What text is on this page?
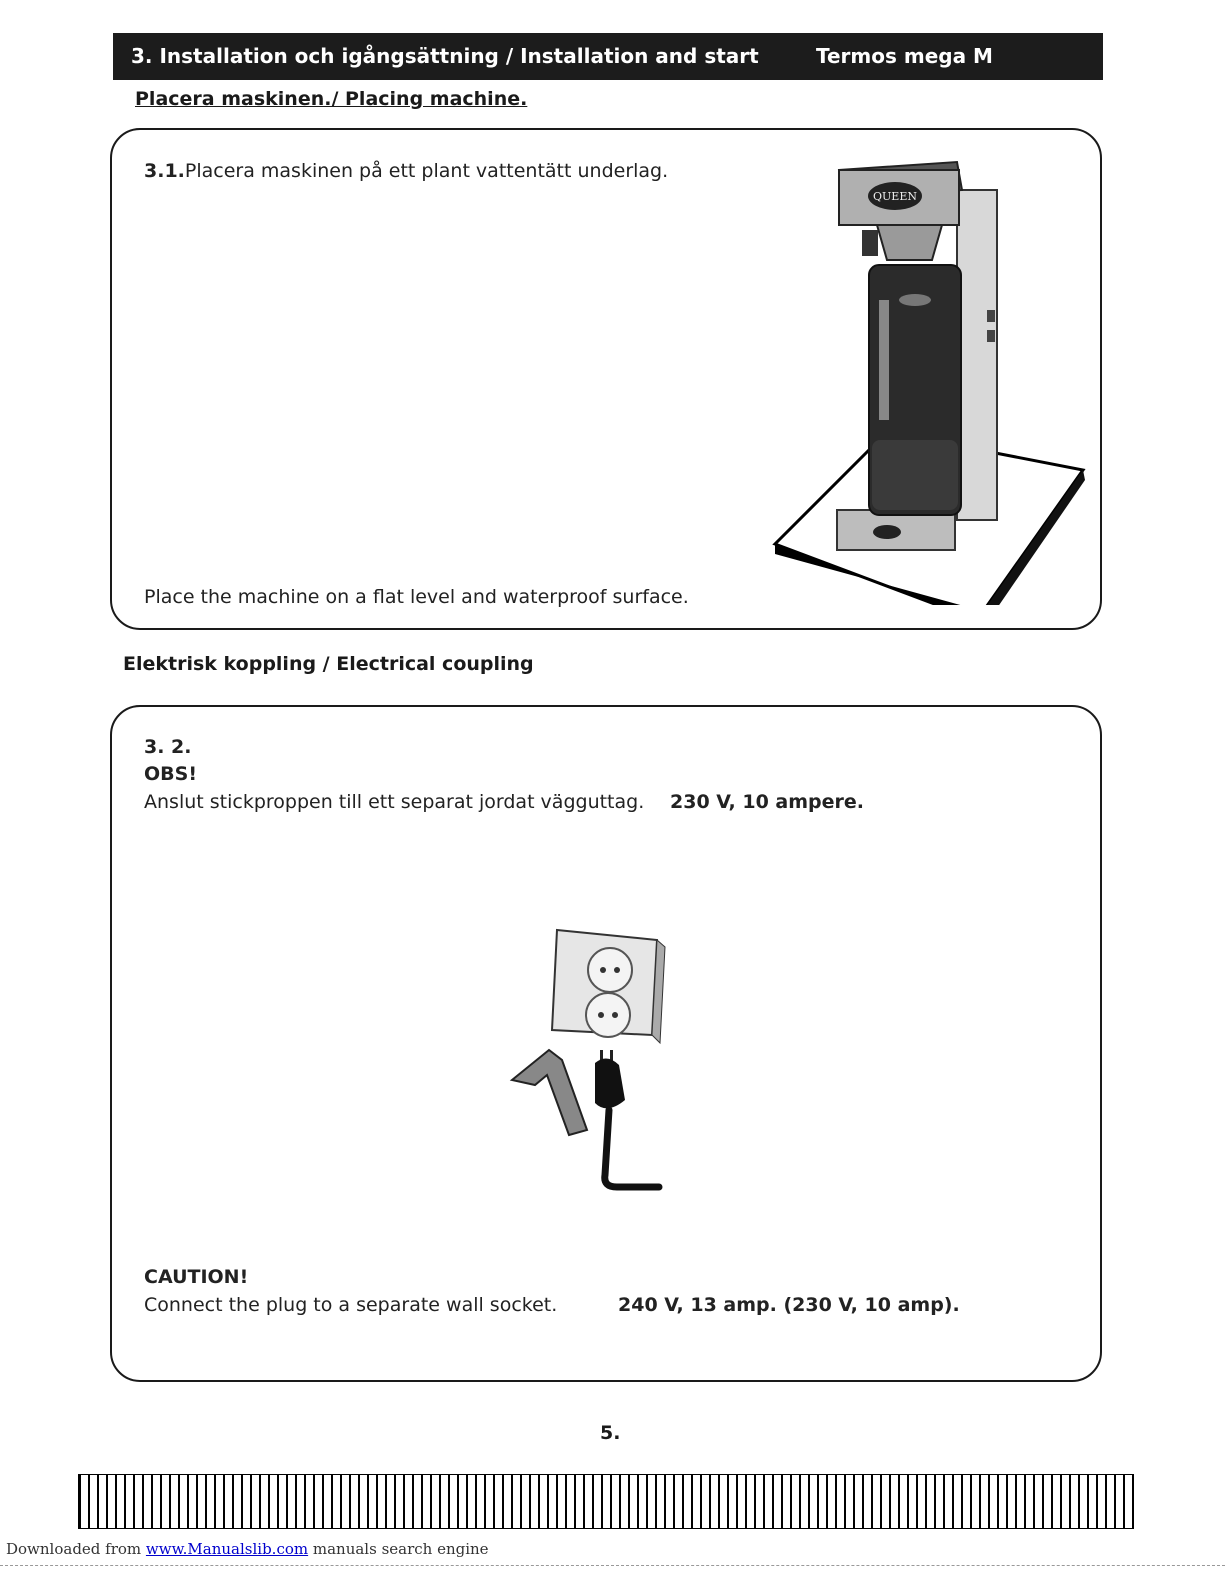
3. Installation och igångsättning / Installation and start	Termos mega M
Placera maskinen./ Placing machine.
3.1.Placera maskinen på ett plant vattentätt underlag.
QUEEN
Place the machine on a flat level and waterproof surface.
Elektrisk koppling / Electrical coupling
3. 2.
OBS!
Anslut stickproppen till ett separat jordat vägguttag. 230 V, 10 ampere.
CAUTION!
Connect the plug to a separate wall socket.	240 V, 13 amp. (230 V, 10 amp).
5.
Downloaded from www.Manualslib.com manuals search engine
